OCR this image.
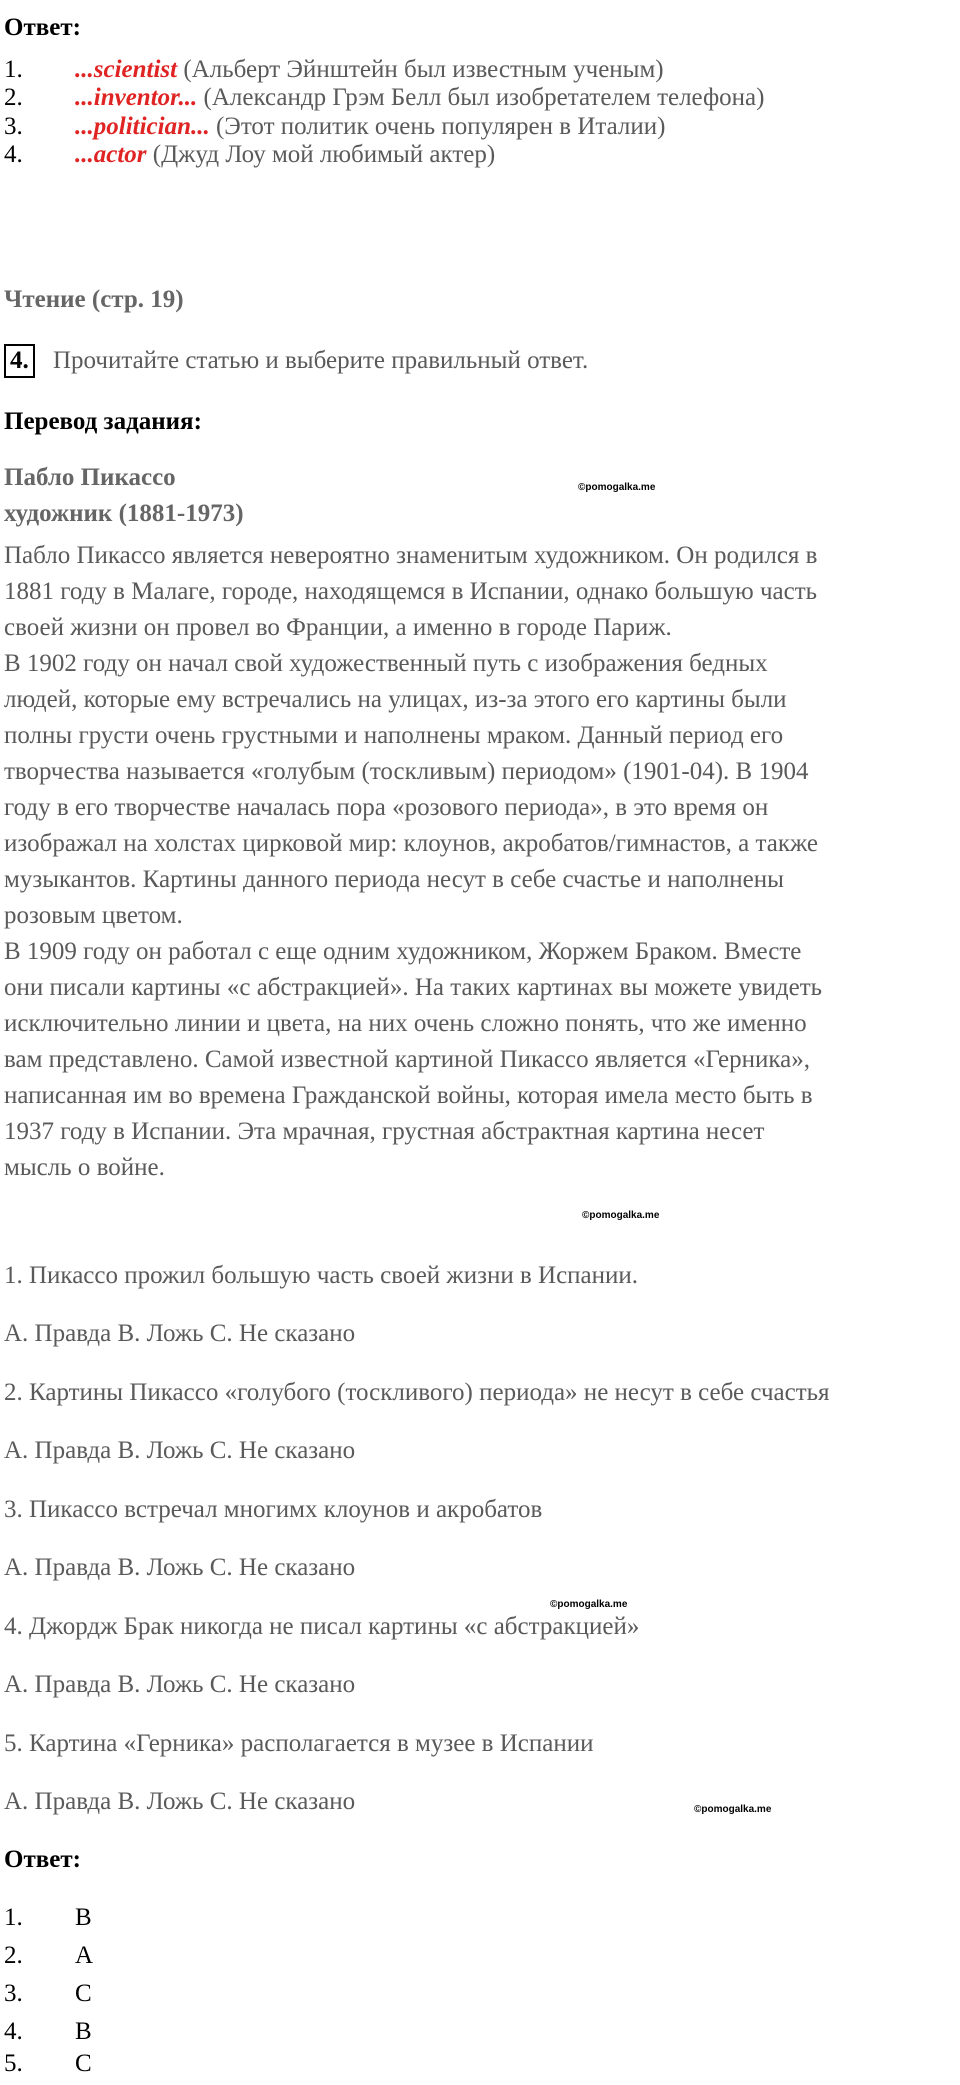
Ответ:
1. ...scientist (Альберт Эйнштейн был известным ученым)
2. ...inventor... (Александр Грэм Белл был изобретателем телефона)
3. ...politician... (Этот политик очень популярен в Италии)
4. ...actor (Джуд Лоу мой любимый актер)
Чтение (стр. 19)
4. Прочитайте статью и выберите правильный ответ.
Перевод задания:
Пабло Пикассо
художник (1881-1973)
©pomogalka.me
Пабло Пикассо является невероятно знаменитым художником. Он родился в
1881 году в Малаге, городе, находящемся в Испании, однако большую часть
своей жизни он провел во Франции, а именно в городе Париж.
В 1902 году он начал свой художественный путь с изображения бедных
людей, которые ему встречались на улицах, из-за этого его картины были
полны грусти очень грустными и наполнены мраком. Данный период его
творчества называется «голубым (тоскливым) периодом» (1901-04). В 1904
году в его творчестве началась пора «розового периода», в это время он
изображал на холстах цирковой мир: клоунов, акробатов/гимнастов, а также
музыкантов. Картины данного периода несут в себе счастье и наполнены
розовым цветом.
В 1909 году он работал с еще одним художником, Жоржем Браком. Вместе
они писали картины «с абстракцией». На таких картинах вы можете увидеть
исключительно линии и цвета, на них очень сложно понять, что же именно
вам представлено. Самой известной картиной Пикассо является «Герника»,
написанная им во времена Гражданской войны, которая имела место быть в
1937 году в Испании. Эта мрачная, грустная абстрактная картина несет
мысль о войне.
©pomogalka.me
1. Пикассо прожил большую часть своей жизни в Испании.
А. Правда В. Ложь С. Не сказано
2. Картины Пикассо «голубого (тоскливого) периода» не несут в себе счастья
А. Правда В. Ложь С. Не сказано
3. Пикассо встречал многимх клоунов и акробатов
А. Правда В. Ложь С. Не сказано
©pomogalka.me
4. Джордж Брак никогда не писал картины «с абстракцией»
А. Правда В. Ложь С. Не сказано
5. Картина «Герника» располагается в музее в Испании
А. Правда В. Ложь С. Не сказано	©pomogalka.me
Ответ:
1. B
2. A
3. C
4. B
5. C
